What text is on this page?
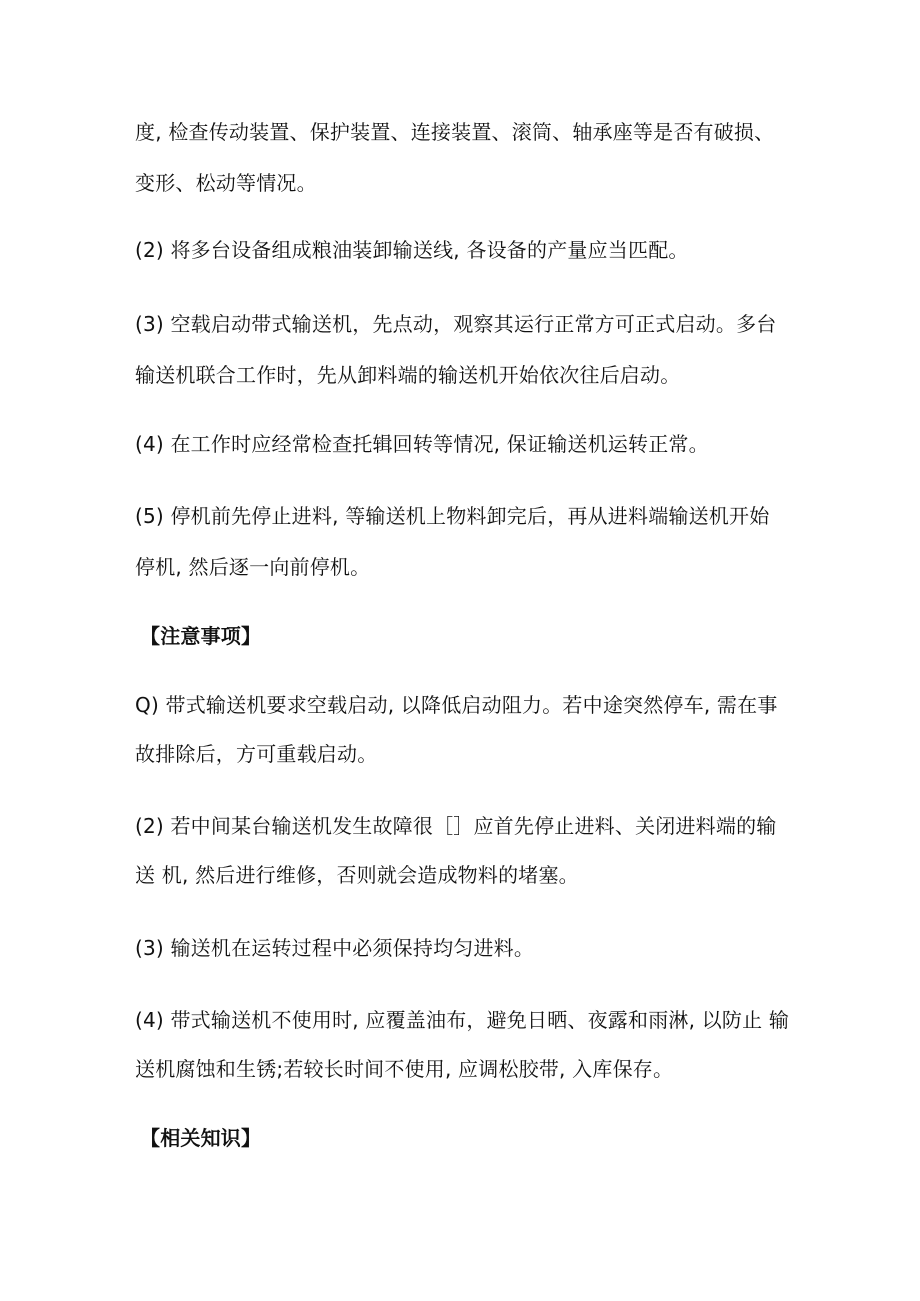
度, 检查传动装置、保护装置、连接装置、滚筒、轴承座等是否有破损、
变形、松动等情况。
(2) 将多台设备组成粮油装卸输送线, 各设备的产量应当匹配。
(3) 空载启动带式输送机，先点动，观察其运行正常方可正式启动。多台
输送机联合工作时，先从卸料端的输送机开始依次往后启动。
(4) 在工作时应经常检查托辑回转等情况, 保证输送机运转正常。
(5) 停机前先停止进料, 等输送机上物料卸完后，再从进料端输送机开始
停机, 然后逐一向前停机。
【注意事项】
Q) 带式输送机要求空载启动, 以降低启动阻力。若中途突然停车, 需在事
故排除后，方可重载启动。
(2) 若中间某台输送机发生故障很［］应首先停止进料、关闭进料端的输
送 机, 然后进行维修，否则就会造成物料的堵塞。
(3) 输送机在运转过程中必须保持均匀进料。
(4) 带式输送机不使用时, 应覆盖油布，避免日晒、夜露和雨淋, 以防止 输
送机腐蚀和生锈;若较长时间不使用, 应调松胶带, 入库保存。
【相关知识】
